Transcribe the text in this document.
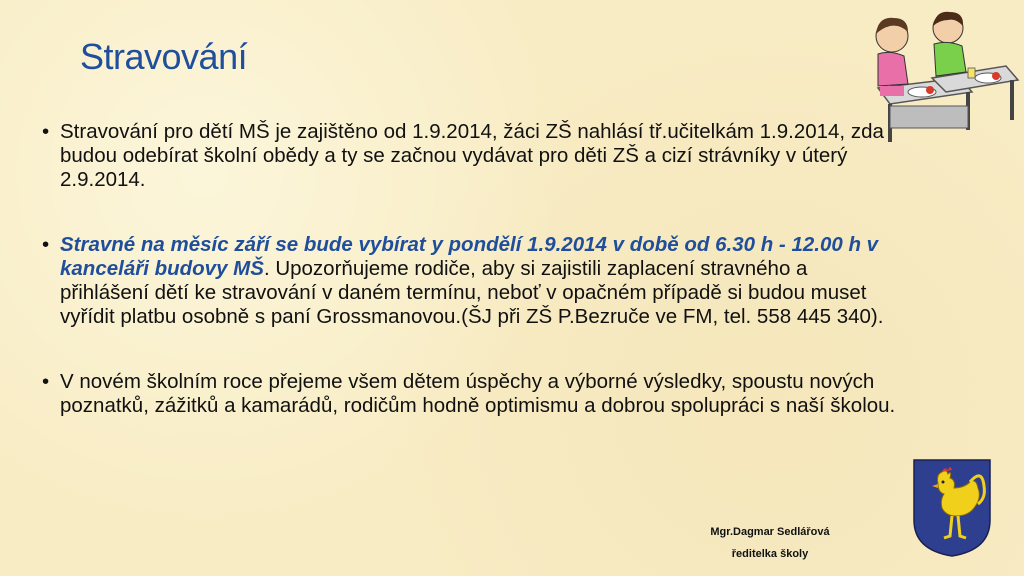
Stravování

• Stravování pro dětí MŠ je zajištěno od 1.9.2014, žáci ZŠ nahlásí tř.učitelkám 1.9.2014, zda budou odebírat školní obědy a ty se začnou vydávat pro děti ZŠ a cizí strávníky v úterý 2.9.2014.

• Stravné na měsíc září se bude vybírat y pondělí 1.9.2014 v době od 6.30 h - 12.00 h v kanceláři budovy MŠ. Upozorňujeme rodiče, aby si zajistili zaplacení stravného a přihlášení dětí ke stravování v daném termínu, neboť v opačném případě si budou muset vyřídit platbu osobně s paní Grossmanovou.(ŠJ při ZŠ P.Bezruče ve FM, tel. 558 445 340).

• V novém školním roce přejeme všem dětem úspěchy a výborné výsledky, spoustu nových poznatků, zážitků a kamarádů, rodičům hodně optimismu a dobrou spolupráci s naší školou.

Mgr.Dagmar Sedlářová
ředitelka školy
